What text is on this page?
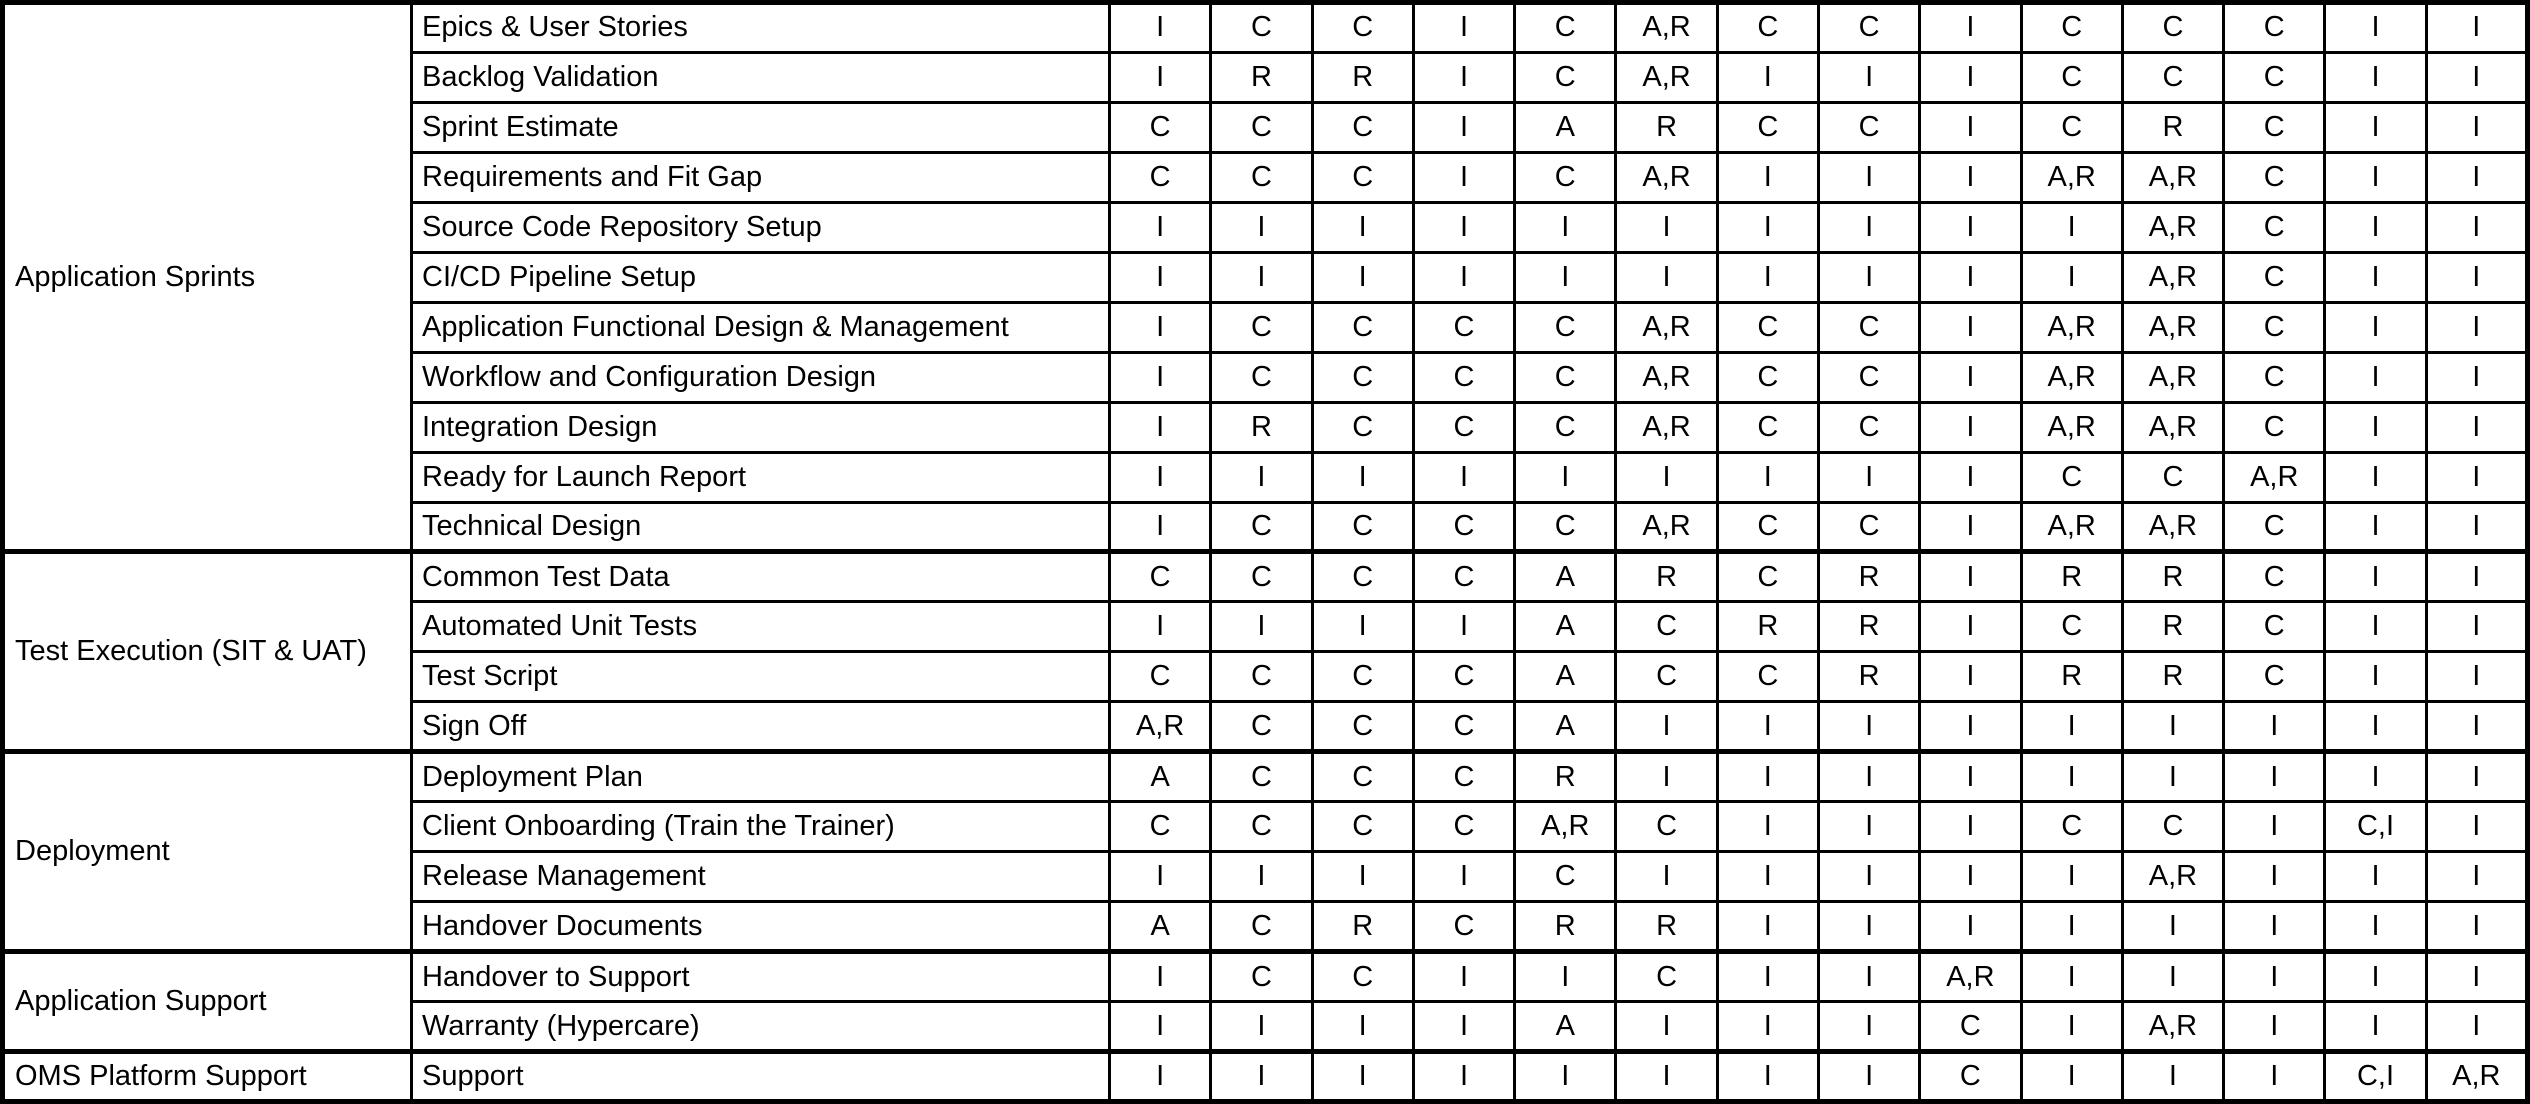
Application Sprints	Epics & User Stories	I	C	C	I	C	A,R	C	C	I	C	C	C	I	I
	Backlog Validation	I	R	R	I	C	A,R	I	I	I	C	C	C	I	I
	Sprint Estimate	C	C	C	I	A	R	C	C	I	C	R	C	I	I
	Requirements and Fit Gap	C	C	C	I	C	A,R	I	I	I	A,R	A,R	C	I	I
	Source Code Repository Setup	I	I	I	I	I	I	I	I	I	I	A,R	C	I	I
	CI/CD Pipeline Setup	I	I	I	I	I	I	I	I	I	I	A,R	C	I	I
	Application Functional Design & Management	I	C	C	C	C	A,R	C	C	I	A,R	A,R	C	I	I
	Workflow and Configuration Design	I	C	C	C	C	A,R	C	C	I	A,R	A,R	C	I	I
	Integration Design	I	R	C	C	C	A,R	C	C	I	A,R	A,R	C	I	I
	Ready for Launch Report	I	I	I	I	I	I	I	I	I	C	C	A,R	I	I
	Technical Design	I	C	C	C	C	A,R	C	C	I	A,R	A,R	C	I	I
Test Execution (SIT & UAT)	Common Test Data	C	C	C	C	A	R	C	R	I	R	R	C	I	I
	Automated Unit Tests	I	I	I	I	A	C	R	R	I	C	R	C	I	I
	Test Script	C	C	C	C	A	C	C	R	I	R	R	C	I	I
	Sign Off	A,R	C	C	C	A	I	I	I	I	I	I	I	I	I
Deployment	Deployment Plan	A	C	C	C	R	I	I	I	I	I	I	I	I	I
	Client Onboarding (Train the Trainer)	C	C	C	C	A,R	C	I	I	I	C	C	I	C,I	I
	Release Management	I	I	I	I	C	I	I	I	I	I	A,R	I	I	I
	Handover Documents	A	C	R	C	R	R	I	I	I	I	I	I	I	I
Application Support	Handover to Support	I	C	C	I	I	C	I	I	A,R	I	I	I	I	I
	Warranty (Hypercare)	I	I	I	I	A	I	I	I	C	I	A,R	I	I	I
OMS Platform Support	Support	I	I	I	I	I	I	I	I	C	I	I	I	C,I	A,R
